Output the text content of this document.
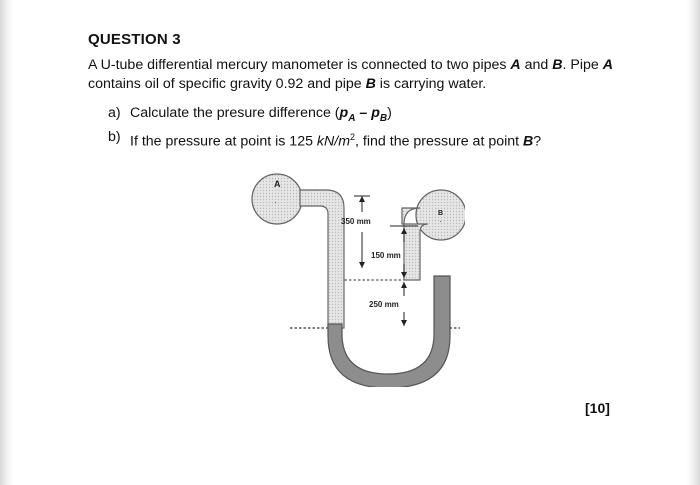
QUESTION 3
A U-tube differential mercury manometer is connected to two pipes A and B. Pipe A contains oil of specific gravity 0.92 and pipe B is carrying water.
a) Calculate the presure difference $(p_A - p_B)$
b) If the pressure at point is 125 $kN/m^2$, find the pressure at point B?
A
B
·
·
350 mm
150 mm
250 mm
[10]
